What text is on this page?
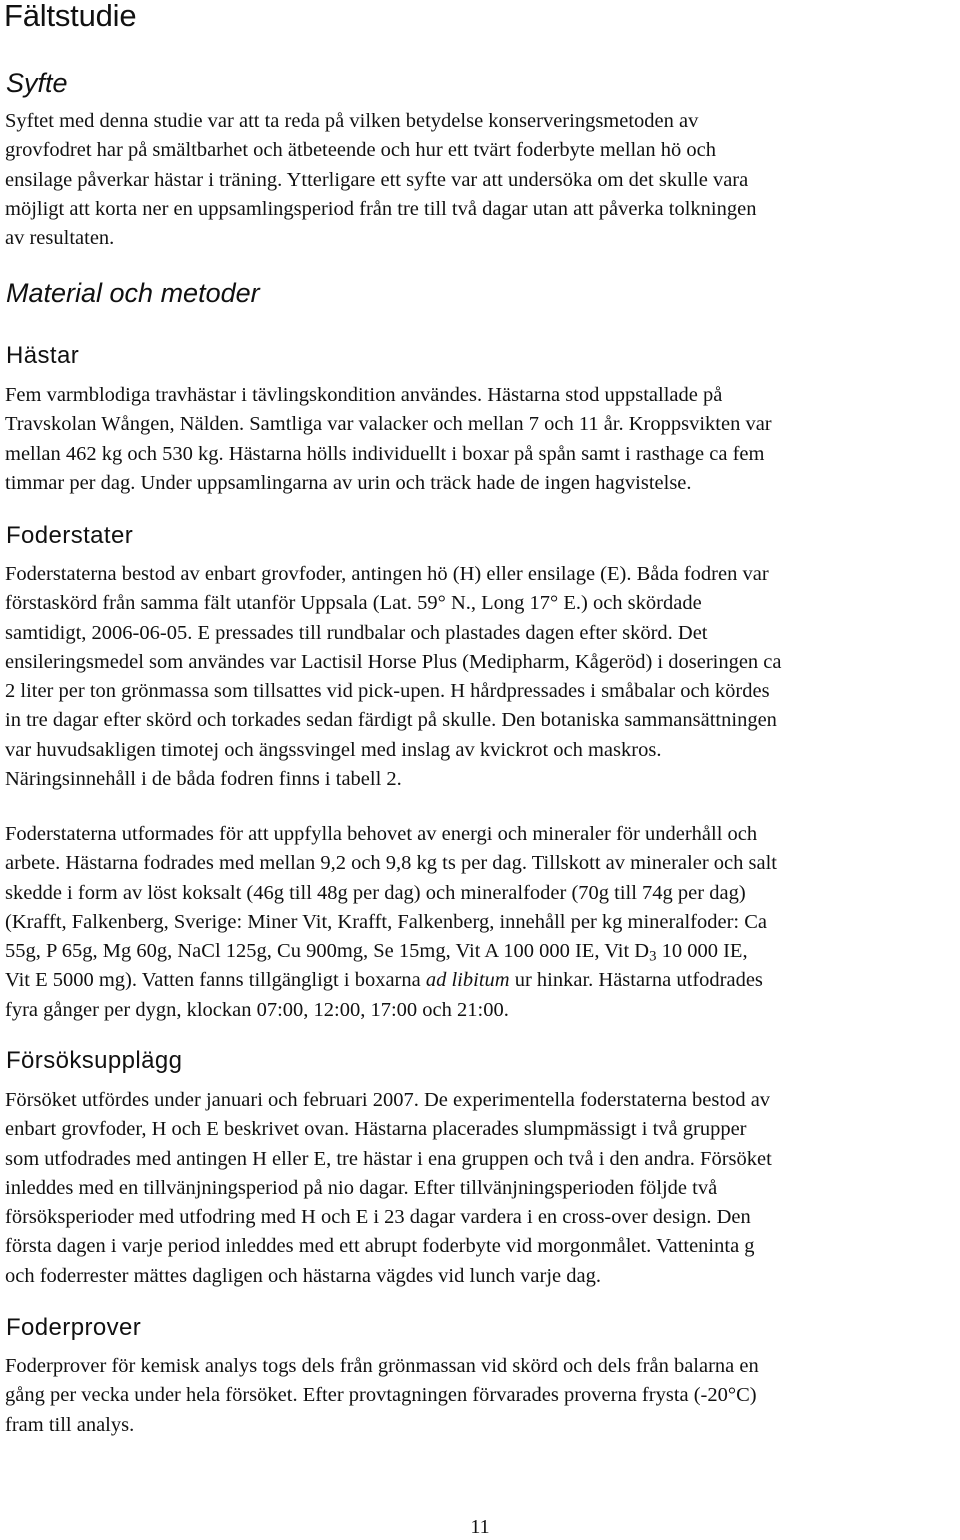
Fältstudie
Syfte
Syftet med denna studie var att ta reda på vilken betydelse konserveringsmetoden av
grovfodret har på smältbarhet och ätbeteende och hur ett tvärt foderbyte mellan hö och
ensilage påverkar hästar i träning. Ytterligare ett syfte var att undersöka om det skulle vara
möjligt att korta ner en uppsamlingsperiod från tre till två dagar utan att påverka tolkningen
av resultaten.
Material och metoder
Hästar
Fem varmblodiga travhästar i tävlingskondition användes. Hästarna stod uppstallade på
Travskolan Wången, Nälden. Samtliga var valacker och mellan 7 och 11 år. Kroppsvikten var
mellan 462 kg och 530 kg. Hästarna hölls individuellt i boxar på spån samt i rasthage ca fem
timmar per dag. Under uppsamlingarna av urin och träck hade de ingen hagvistelse.
Foderstater
Foderstaterna bestod av enbart grovfoder, antingen hö (H) eller ensilage (E). Båda fodren var
förstaskörd från samma fält utanför Uppsala (Lat. 59° N., Long 17° E.) och skördade
samtidigt, 2006-06-05. E pressades till rundbalar och plastades dagen efter skörd. Det
ensileringsmedel som användes var Lactisil Horse Plus (Medipharm, Kågeröd) i doseringen ca
2 liter per ton grönmassa som tillsattes vid pick-upen. H hårdpressades i småbalar och kördes
in tre dagar efter skörd och torkades sedan färdigt på skulle. Den botaniska sammansättningen
var huvudsakligen timotej och ängssvingel med inslag av kvickrot och maskros.
Näringsinnehåll i de båda fodren finns i tabell 2.
Foderstaterna utformades för att uppfylla behovet av energi och mineraler för underhåll och
arbete. Hästarna fodrades med mellan 9,2 och 9,8 kg ts per dag. Tillskott av mineraler och salt
skedde i form av löst koksalt (46g till 48g per dag) och mineralfoder (70g till 74g per dag)
(Krafft, Falkenberg, Sverige: Miner Vit, Krafft, Falkenberg, innehåll per kg mineralfoder: Ca
55g, P 65g, Mg 60g, NaCl 125g, Cu 900mg, Se 15mg, Vit A 100 000 IE, Vit $D_3$ 10 000 IE,
Vit E 5000 mg). Vatten fanns tillgängligt i boxarna ad libitum ur hinkar. Hästarna utfodrades
fyra gånger per dygn, klockan 07:00, 12:00, 17:00 och 21:00.
Försöksupplägg
Försöket utfördes under januari och februari 2007. De experimentella foderstaterna bestod av
enbart grovfoder, H och E beskrivet ovan. Hästarna placerades slumpmässigt i två grupper
som utfodrades med antingen H eller E, tre hästar i ena gruppen och två i den andra. Försöket
inleddes med en tillvänjningsperiod på nio dagar. Efter tillvänjningsperioden följde två
försöksperioder med utfodring med H och E i 23 dagar vardera i en cross-over design. Den
första dagen i varje period inleddes med ett abrupt foderbyte vid morgonmålet. Vatteninta g
och foderrester mättes dagligen och hästarna vägdes vid lunch varje dag.
Foderprover
Foderprover för kemisk analys togs dels från grönmassan vid skörd och dels från balarna en
gång per vecka under hela försöket. Efter provtagningen förvarades proverna frysta (-20°C)
fram till analys.
11
